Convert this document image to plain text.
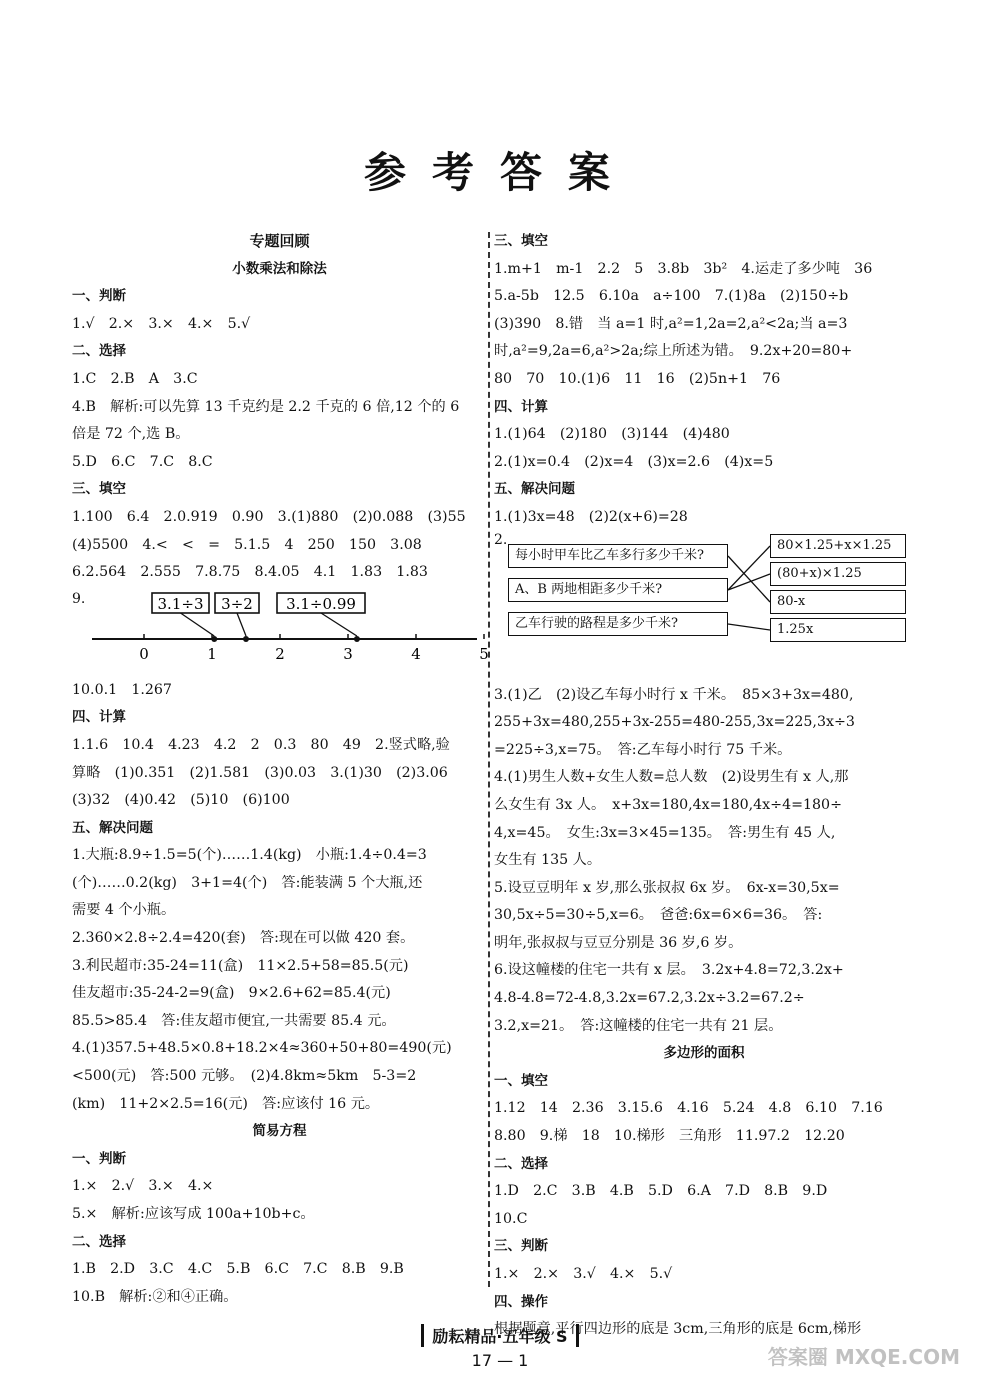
参考答案
专题回顾
小数乘法和除法
一、判断
1.√　2.×　3.×　4.×　5.√
二、选择
1.C　2.B　A　3.C
4.B　解析:可以先算 13 千克约是 2.2 千克的 6 倍,12 个的 6
倍是 72 个,选 B。
5.D　6.C　7.C　8.C
三、填空
1.100　6.4　2.0.919　0.90　3.(1)880　(2)0.088　(3)55
(4)5500　4.<　<　=　5.1.5　4　250　150　3.08
6.2.564　2.555　7.8.75　8.4.05　4.1　1.83　1.83
9.
0	1	2	3	4	5
3.1÷3 3÷2 3.1÷0.99
10.0.1　1.267
四、计算
1.1.6　10.4　4.23　4.2　2　0.3　80　49　2.竖式略,验
算略　(1)0.351　(2)1.581　(3)0.03　3.(1)30　(2)3.06
(3)32　(4)0.42　(5)10　(6)100
五、解决问题
1.大瓶:8.9÷1.5=5(个)……1.4(kg)　小瓶:1.4÷0.4=3
(个)……0.2(kg)　3+1=4(个)　答:能装满 5 个大瓶,还
需要 4 个小瓶。
2.360×2.8÷2.4=420(套)　答:现在可以做 420 套。
3.利民超市:35-24=11(盒)　11×2.5+58=85.5(元)
佳友超市:35-24-2=9(盒)　9×2.6+62=85.4(元)
85.5>85.4　答:佳友超市便宜,一共需要 85.4 元。
4.(1)357.5+48.5×0.8+18.2×4≈360+50+80=490(元)
<500(元)　答:500 元够。　(2)4.8km≈5km　5-3=2
(km)　11+2×2.5=16(元)　答:应该付 16 元。
简易方程
一、判断
1.×　2.√　3.×　4.×
5.×　解析:应该写成 100a+10b+c。
二、选择
1.B　2.D　3.C　4.C　5.B　6.C　7.C　8.B　9.B
10.B　解析:②和④正确。
三、填空
1.m+1　m-1　2.2　5　3.8b　3b²　4.运走了多少吨　36
5.a-5b　12.5　6.10a　a÷100　7.(1)8a　(2)150÷b
(3)390　8.错　当 a=1 时,a²=1,2a=2,a²<2a;当 a=3
时,a²=9,2a=6,a²>2a;综上所述为错。　9.2x+20=80+
80　70　10.(1)6　11　16　(2)5n+1　76
四、计算
1.(1)64　(2)180　(3)144　(4)480
2.(1)x=0.4　(2)x=4　(3)x=2.6　(4)x=5
五、解决问题
1.(1)3x=48　(2)2(x+6)=28
2.
每小时甲车比乙车多行多少千米?
A、B 两地相距多少千米?
乙车行驶的路程是多少千米?
80×1.25+x×1.25
(80+x)×1.25
80-x
1.25x
3.(1)乙　(2)设乙车每小时行 x 千米。　85×3+3x=480,
255+3x=480,255+3x-255=480-255,3x=225,3x÷3
=225÷3,x=75。　答:乙车每小时行 75 千米。
4.(1)男生人数+女生人数=总人数　(2)设男生有 x 人,那
么女生有 3x 人。　x+3x=180,4x=180,4x÷4=180÷
4,x=45。　女生:3x=3×45=135。　答:男生有 45 人,
女生有 135 人。
5.设豆豆明年 x 岁,那么张叔叔 6x 岁。　6x-x=30,5x=
30,5x÷5=30÷5,x=6。　爸爸:6x=6×6=36。　答:
明年,张叔叔与豆豆分别是 36 岁,6 岁。
6.设这幢楼的住宅一共有 x 层。　3.2x+4.8=72,3.2x+
4.8-4.8=72-4.8,3.2x=67.2,3.2x÷3.2=67.2÷
3.2,x=21。　答:这幢楼的住宅一共有 21 层。
多边形的面积
一、填空
1.12　14　2.36　3.15.6　4.16　5.24　4.8　6.10　7.16
8.80　9.梯　18　10.梯形　三角形　11.97.2　12.20
二、选择
1.D　2.C　3.B　4.B　5.D　6.A　7.D　8.B　9.D
10.C
三、判断
1.×　2.×　3.√　4.×　5.√
四、操作
根据题意,平行四边形的底是 3cm,三角形的底是 6cm,梯形
励耘精品·五年级 S
17 — 1	答案圈 MXQE.COM
